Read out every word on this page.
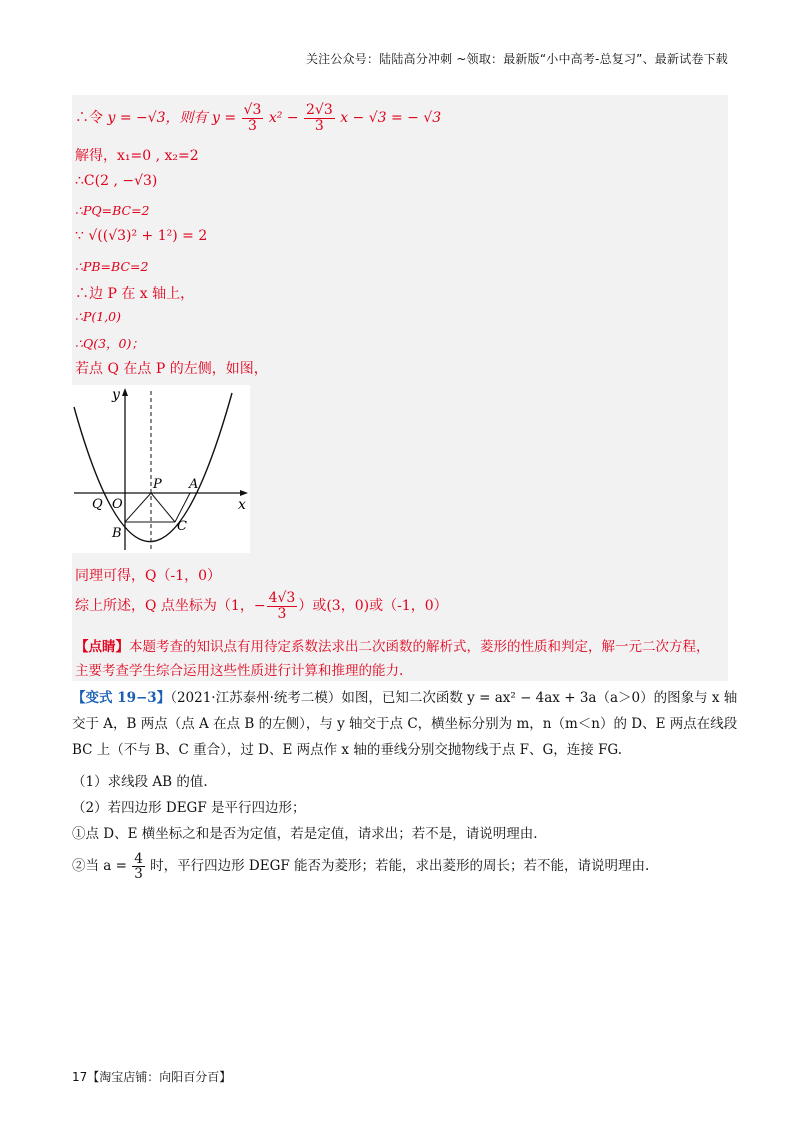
关注公众号：陆陆高分冲刺 ~领取：最新版“小中高考-总复习”、最新试卷下载
∴令 y = −√3，则有 $y = \frac{√3}{3} x^2 - \frac{2√3}{3}$ x − √3 = − √3
解得，x₁=0 , x₂=2
∴C(2 , −√3)
∴PQ=BC=2
∵ √((√3)² + 1²) = 2
∴PB=BC=2
∴边 P 在 x 轴上，
∴P(1,0)
∴Q(3，0)；
若点 Q 在点 P 的左侧，如图，
y
x
Q O
P A
B	C
同理可得，Q（-1，0）
综上所述，Q 点坐标为（1，− $\frac{4√3}{3}$ ）或(3，0)或（-1，0）
【点睛】本题考查的知识点有用待定系数法求出二次函数的解析式，菱形的性质和判定，解一元二次方程，
主要考查学生综合运用这些性质进行计算和推理的能力.
【变式 19−3】（2021·江苏泰州·统考二模）如图，已知二次函数 y = ax² − 4ax + 3a（a＞0）的图象与 x 轴
交于 A，B 两点（点 A 在点 B 的左侧），与 y 轴交于点 C，横坐标分别为 m，n（m＜n）的 D、E 两点在线段
BC 上（不与 B、C 重合），过 D、E 两点作 x 轴的垂线分别交抛物线于点 F、G，连接 FG.
（1）求线段 AB 的值.
（2）若四边形 DEGF 是平行四边形；
①点 D、E 横坐标之和是否为定值，若是定值，请求出；若不是，请说明理由.
②当 $a = \frac{4}{3}$ 时，平行四边形 DEGF 能否为菱形；若能，求出菱形的周长；若不能，请说明理由.
17【淘宝店铺：向阳百分百】
